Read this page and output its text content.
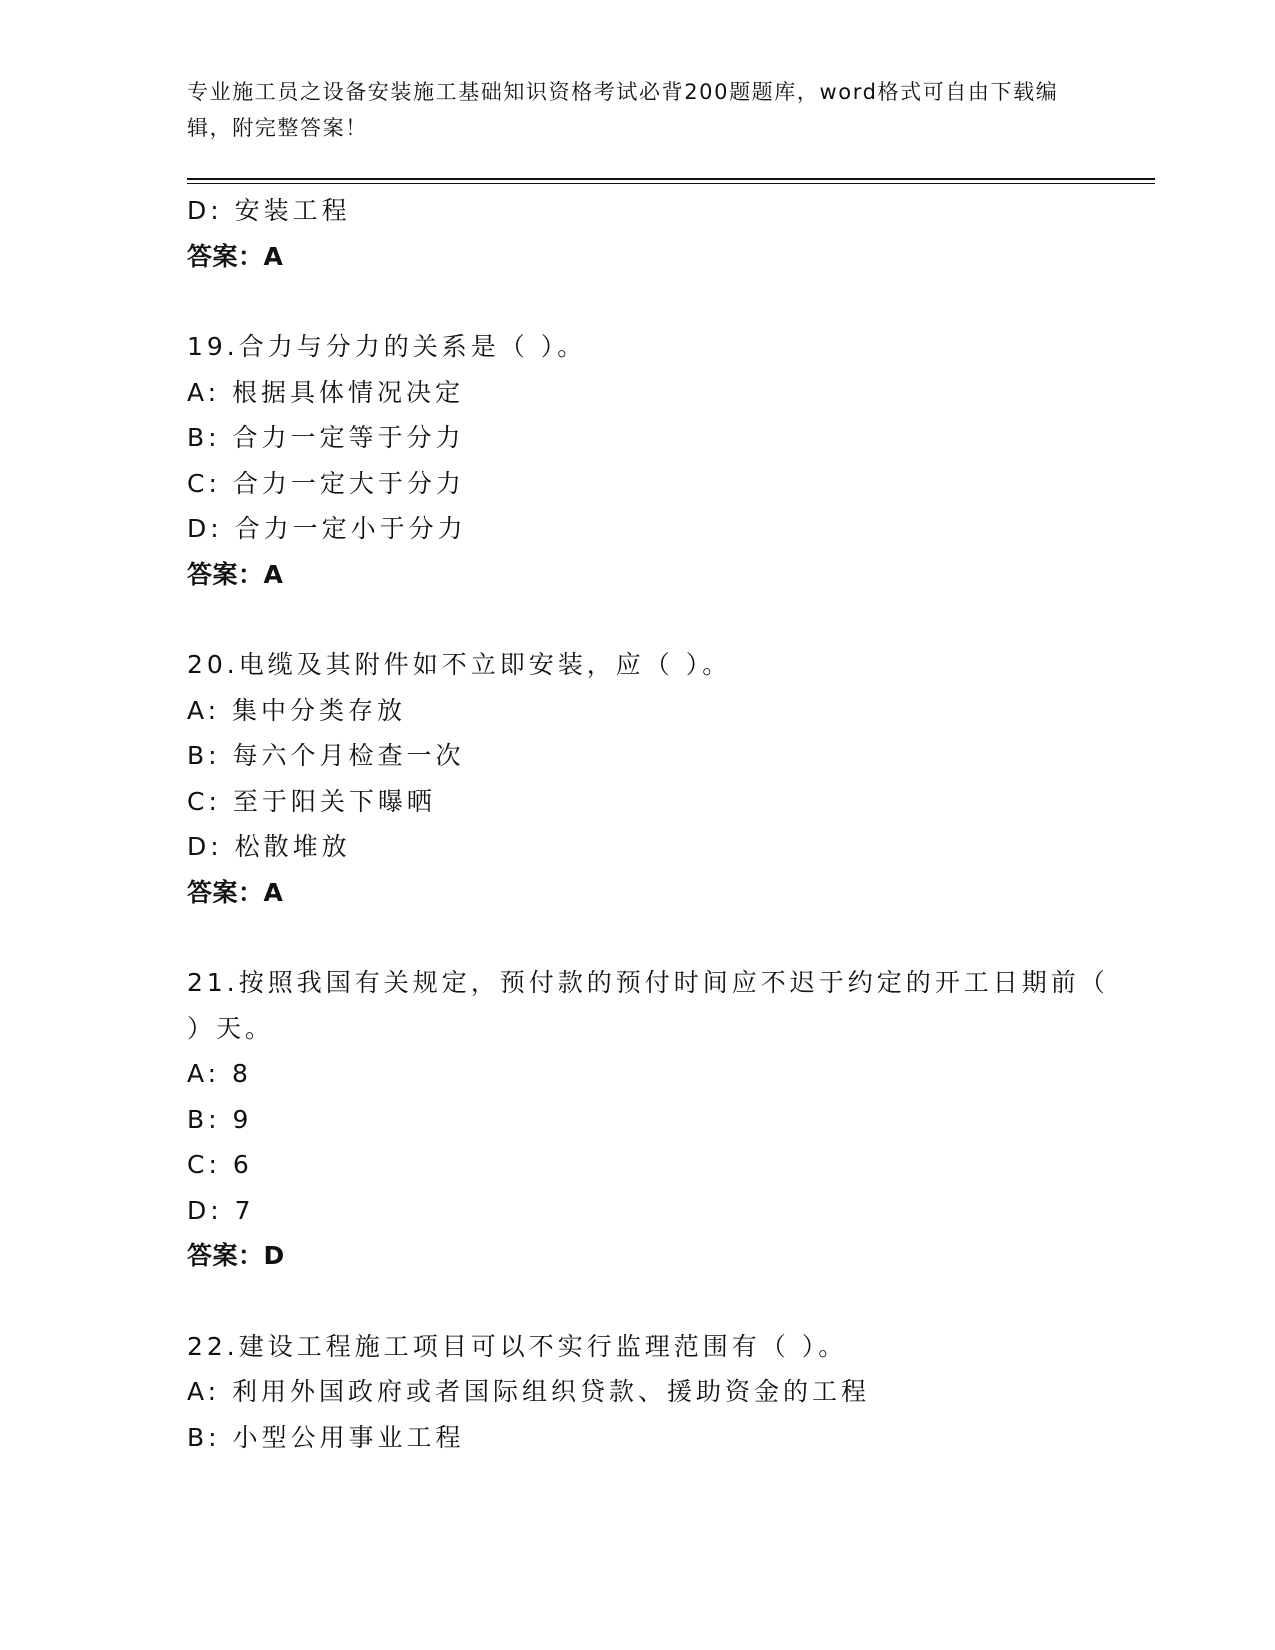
专业施工员之设备安装施工基础知识资格考试必背200题题库，word格式可自由下载编辑，附完整答案！
D: 安装工程
答案：A
19.合力与分力的关系是（ ）。
A: 根据具体情况决定
B: 合力一定等于分力
C: 合力一定大于分力
D: 合力一定小于分力
答案：A
20.电缆及其附件如不立即安装，应（ ）。
A: 集中分类存放
B: 每六个月检查一次
C: 至于阳关下曝晒
D: 松散堆放
答案：A
21.按照我国有关规定，预付款的预付时间应不迟于约定的开工日期前（ ）天。
A: 8
B: 9
C: 6
D: 7
答案：D
22.建设工程施工项目可以不实行监理范围有（ ）。
A: 利用外国政府或者国际组织贷款、援助资金的工程
B: 小型公用事业工程
